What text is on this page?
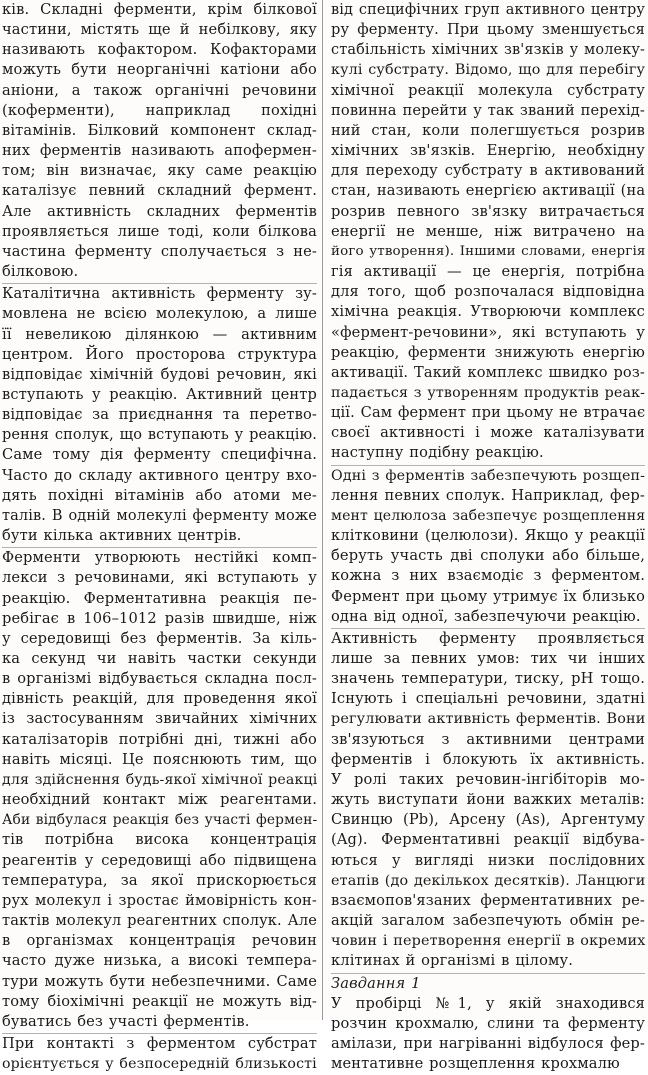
кiв. Складнi ферменти, крiм бiлкової
частини, мiстять ще й небiлкову, яку
називають кофактором. Кофакторами
можуть бути неорганiчнi катiони або
анiони, а також органiчнi речовини
(коферменти), наприклад похiднi
вiтамiнiв. Бiлковий компонент склад-
них ферментiв називають апофермен-
том; вiн визначає, яку саме реакцiю
каталiзує певний складний фермент.
Але активнiсть складних ферментiв
проявляється лише тодi, коли бiлкова
частина ферменту сполучається з не-
бiлковою.
Каталiтична активнiсть ферменту зу-
мовлена не всiєю молекулою, а лише
її невеликою дiлянкою — активним
центром. Його просторова структура
вiдповiдає хiмiчнiй будовi речовин, якi
вступають у реакцiю. Активний центр
вiдповiдає за приєднання та перетво-
рення сполук, що вступають у реакцiю.
Саме тому дiя ферменту специфiчна.
Часто до складу активного центру вхо-
дять похiднi вiтамiнiв або атоми ме-
талiв. В однiй молекулi ферменту може
бути кiлька активних центрiв.
Ферменти утворюють нестiйкi комп-
лекси з речовинами, якi вступають у
реакцiю. Ферментативна реакцiя пе-
ребiгає в 106–1012 разiв швидше, нiж
у середовищi без ферментiв. За кiль-
ка секунд чи навiть частки секунди
в органiзмi вiдбувається складна посл-
дiвнiсть реакцiй, для проведення якої
iз застосуванням звичайних хiмiчних
каталiзаторiв потрiбнi днi, тижнi або
навiть мiсяцi. Це пояснюють тим, що
для здiйснення будь-якої хiмiчної реакцi
необхiдний контакт мiж реагентами.
Аби вiдбулася реакцiя без участi фермен-
тiв потрiбна висока концентрацiя
реагентiв у середовищi або пiдвищена
температура, за якої прискорюється
рух молекул i зростає ймовiрнiсть кон-
тактiв молекул реагентних сполук. Але
в органiзмах концентрацiя речовин
часто дуже низька, а високi темпера-
тури можуть бути небезпечними. Саме
тому бiохiмiчнi реакцiї не можуть вiд-
буватись без участi ферментiв.
При контактi з ферментом субстрат
орiєнтується у безпосереднiй близькостi
вiд специфiчних груп активного центру
ру ферменту. При цьому зменшується
стабiльнiсть хiмiчних зв'язкiв у молеку-
кулi субстрату. Вiдомо, що для перебiгу
хiмiчної реакцiї молекула субстрату
повинна перейти у так званий перехiд-
ний стан, коли полегшується розрив
хiмiчних зв'язкiв. Енергiю, необхiдну
для переходу субстрату в активований
стан, називають енергiєю активацiї (на
розрив певного зв'язку витрачається
енергiї не менше, нiж витрачено на
його утворення). Iншими словами, енергiя
гiя активацiї — це енергiя, потрiбна
для того, щоб розпочалася вiдповiдна
хiмiчна реакцiя. Утворюючи комплекс
«фермент-речовини», якi вступають у
реакцiю, ферменти знижують енергiю
активацiї. Такий комплекс швидко роз-
падається з утворенням продуктiв реак-
цiї. Сам фермент при цьому не втрачає
своєї активностi i може каталiзувати
наступну подiбну реакцiю.
Однi з ферментiв забезпечують розщеп-
лення певних сполук. Наприклад, фер-
мент целюлоза забезпечує розщеплення
клiтковини (целюлози). Якщо у реакцiї
беруть участь двi сполуки або бiльше,
кожна з них взаємодiє з ферментом.
Фермент при цьому утримує їх близько
одна вiд одної, забезпечуючи реакцiю.
Активнiсть ферменту проявляється
лише за певних умов: тих чи iнших
значень температури, тиску, pH тощо.
Iснують i спецiальнi речовини, здатнi
регулювати активнiсть ферментiв. Вони
зв'язуються з активними центрами
ферментiв i блокують їх активнiсть.
У ролi таких речовин-iнгiбiторiв мо-
жуть виступати йони важких металiв:
Свинцю (Pb), Арсену (As), Аргентуму
(Ag). Ферментативнi реакцiї вiдбува-
ються у виглядi низки послiдовних
етапiв (до декiлькох десяткiв). Ланцюги
взаємопов'язаних ферментативних ре-
акцiй загалом забезпечують обмiн ре-
човин i перетворення енергiї в окремих
клiтинах й органiзмi в цiлому.
Завдання 1
У пробiрцi №1, у якiй знаходився
розчин крохмалю, слини та ферменту
амiлази, при нагрiваннi вiдбулося фер-
ментативне розщеплення крохмалю
